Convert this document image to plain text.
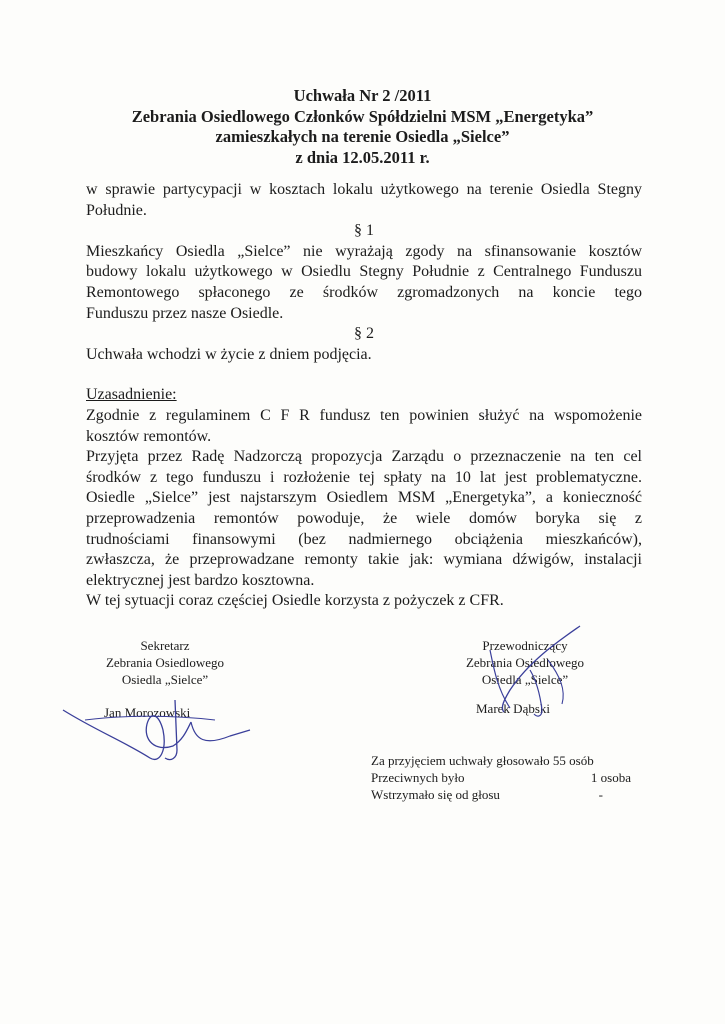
Uchwała Nr 2 /2011
Zebrania Osiedlowego Członków Spółdzielni MSM „Energetyka”
zamieszkałych na terenie Osiedla „Sielce”
z dnia 12.05.2011 r.
w sprawie partycypacji w kosztach lokalu użytkowego na terenie Osiedla Stegny
Południe.
§ 1
Mieszkańcy Osiedla „Sielce” nie wyrażają zgody na sfinansowanie kosztów
budowy lokalu użytkowego w Osiedlu Stegny Południe z Centralnego Funduszu
Remontowego spłaconego ze środków zgromadzonych na koncie tego
Funduszu przez nasze Osiedle.
§ 2
Uchwała wchodzi w życie z dniem podjęcia.
Uzasadnienie:
Zgodnie z regulaminem C F R fundusz ten powinien służyć na wspomożenie
kosztów remontów.
Przyjęta przez Radę Nadzorczą propozycja Zarządu o przeznaczenie na ten cel
środków z tego funduszu i rozłożenie tej spłaty na 10 lat jest problematyczne.
Osiedle „Sielce” jest najstarszym Osiedlem MSM „Energetyka”, a konieczność
przeprowadzenia remontów powoduje, że wiele domów boryka się z
trudnościami finansowymi (bez nadmiernego obciążenia mieszkańców),
zwłaszcza, że przeprowadzane remonty takie jak: wymiana dźwigów, instalacji
elektrycznej jest bardzo kosztowna.
W tej sytuacji coraz częściej Osiedle korzysta z pożyczek z CFR.
Sekretarz
Zebrania Osiedlowego
Osiedla „Sielce”
Jan Morozowski
Przewodniczący
Zebrania Osiedlowego
Osiedla „Sielce”
Marek Dąbski
Za przyjęciem uchwały głosowało 55 osób
Przeciwnych było	1 osoba
Wstrzymało się od głosu	-
